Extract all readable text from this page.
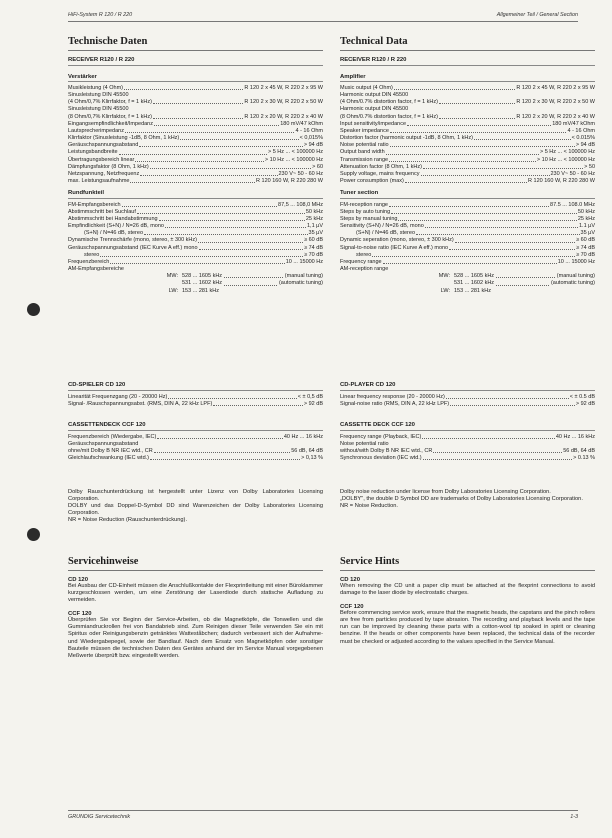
HiFi-System R 120 / R 220	Allgemeiner Teil / General Section
Technische Daten

RECEIVER R120 / R 220

Verstärker

Musikleistung (4 Ohm)	R 120 2 x 45 W, R 220 2 x 95 W
Sinusleistung DIN 45500
(4 Ohm/0,7% Klirrfaktor, f = 1 kHz)	R 120 2 x 30 W, R 220 2 x 50 W
Sinusleistung DIN 45500
(8 Ohm/0,7% Klirrfaktor, f = 1 kHz)	R 120 2 x 20 W, R 220 2 x 40 W
Eingangsempfindlichkeit/Impedanz	180 mV/47 kOhm
Lautsprecherimpedanz	4 - 16 Ohm
Klirrfaktor (Sinusleistung -1dB, 8 Ohm, 1 kHz)	< 0,015%
Geräuschspannungsabstand	> 94 dB
Leistungsbandbreite	> 5 Hz ... < 100000 Hz
Übertragungsbereich linear	> 10 Hz ... < 100000 Hz
Dämpfungsfaktor (8 Ohm, 1 kHz)	> 60
Netzspannung, Netzfrequenz	230 V~ 50 - 60 Hz
max. Leistungsaufnahme	R 120 160 W, R 220 280 W

Rundfunkteil

FM-Empfangsbereich	87,5 ... 108,0 MHz
Abstimmschritt bei Suchlauf	50 kHz
Abstimmschritt bei Handabstimmung	25 kHz
Empfindlichkeit (S+N) / N=26 dB, mono	1,1 µV
(S+N) / N=46 dB, stereo	35 µV
Dynamische Trennschärfe (mono, stereo, ± 300 kHz)	≥ 60 dB
Geräuschspannungsabstand (IEC Kurve A eff.) mono	≥ 74 dB
stereo	≥ 70 dB
Frequenzbereich	10 ... 15000 Hz
AM-Empfangsbereiche
MW: 528 ... 1605 kHz	(manual tuning)
531 ... 1602 kHz	(automatic tuning)
LW: 153 ... 281 kHz
Technical Data

RECEIVER R120 / R 220

Amplifier

Music output (4 Ohm)	R 120 2 x 45 W, R 220 2 x 95 W
Harmonic output DIN 45500
(4 Ohm/0.7% distortion factor, f = 1 kHz)	R 120 2 x 30 W, R 220 2 x 50 W
Harmonic output DIN 45500
(8 Ohm/0.7% distortion factor, f = 1 kHz)	R 120 2 x 20 W, R 220 2 x 40 W
Input sensitivity/impedance	180 mV/47 kOhm
Speaker impedance	4 - 16 Ohm
Distortion factor (harmonic output -1dB, 8 Ohm, 1 kHz)	< 0.015%
Noise potential ratio	> 94 dB
Output band width	> 5 Hz ... < 100000 Hz
Transmission range	> 10 Hz ... < 100000 Hz
Attenuation factor (8 Ohm, 1 kHz)	> 50
Supply voltage, mains frequency	230 V~ 50 - 60 Hz
Power consumption (max)	R 120 160 W, R 220 280 W

Tuner section

FM-reception range	87.5 ... 108.0 MHz
Steps by auto tuning	50 kHz
Steps by manual tuning	25 kHz
Sensitivity (S+N) / N=26 dB, mono	1.1 µV
(S+N) / N=46 dB, stereo	35 µV
Dynamic seperation (mono, stereo, ± 300 kHz)	≥ 60 dB
Signal-to-noise ratio (IEC Kurve A eff.) mono	≥ 74 dB
stereo	≥ 70 dB
Frequency range	10 ... 15000 Hz
AM-reception range
MW: 528 ... 1605 kHz	(manual tuning)
531 ... 1602 kHz	(automatic tuning)
LW: 153 ... 281 kHz

CD-SPIELER CD 120

Linearität Frequenzgang (20 - 20000 Hz)	< ± 0,5 dB
Signal- /Rauschspannungsabst. (RMS, DIN A, 22 kHz LPF)	> 92 dB

CD-PLAYER CD 120

Linear frequency response (20 - 20000 Hz)	< ± 0.5 dB
Signal-noise ratio (RMS, DIN A, 22 kHz LPF)	> 92 dB

CASSETTENDECK CCF 120

Frequenzbereich (Wiedergabe, IEC)	40 Hz ... 16 kHz
Geräuschspannungsabstand
ohne/mit Dolby B NR IEC wtd., CR	56 dB, 64 dB
Gleichlaufschwankung (IEC wtd.)	> 0,13 %

CASSETTE DECK CCF 120

Frequency range (Playback, IEC)	40 Hz ... 16 kHz
Noise potential ratio
without/with Dolby B NR IEC wtd., CR	56 dB, 64 dB
Synchronous deviation (IEC wtd.)	> 0.13 %

Dolby Rauschunterdrückung ist hergestellt unter Lizenz von Dolby Laboratories Licensing Corporation.

DOLBY und das Doppel-D-Symbol DD sind Warenzeichen der Dolby Laboratories Licensing Corporation.

NR = Noise Reduction (Rauschunterdrückung).

Dolby noise reduction under license from Dolby Laboratories Licensing Corporation.

„DOLBY", the double D Symbol DD are trademarks of Dolby Laboratories Licensing Corporation.

NR = Noise Reduction.

Servicehinweise

CD 120

Bei Ausbau der CD-Einheit müssen die Anschlußkontakte der Flexprintleitung mit einer Büroklammer kurzgeschlossen werden, um eine Zerstörung der Laserdiode durch statische Aufladung zu vermeiden.

CCF 120

Überprüfen Sie vor Beginn der Service-Arbeiten, ob die Magnetköpfe, die Tonwellen und die Gummiandruckrollen frei von Bandabrieb sind. Zum Reinigen dieser Teile verwenden Sie ein mit Spiritus oder Reinigungsbenzin getränktes Watteståbchen; dadurch verbessert sich der Aufnahme- und Wiedergabepegel, sowie der Bandlauf. Nach dem Ersatz von Magnetköpfen oder sonstiger Bauteile müssen die technischen Daten des Gerätes anhand der im Service Manual vorgegebenen Meßwerte überprüft bzw. eingestellt werden.

Service Hints

CD 120

When removing the CD unit a paper clip must be attached at the flexprint connections to avoid damage to the laser diode by electrostatic charges.

CCF 120

Before commencing service work, ensure that the magnetic heads, the capstans and the pinch rollers are free from particles produced by tape abrasion. The recording and playback levels and the tape run can be improved by cleaning these parts with a cotton-wool tip soaked in spirit or cleaning benzine. If the heads or other components have been replaced, the technical data of the recorder must be checked or adjusted according to the values specified in the Service Manual.

GRUNDIG Servicetechnik	1-3
